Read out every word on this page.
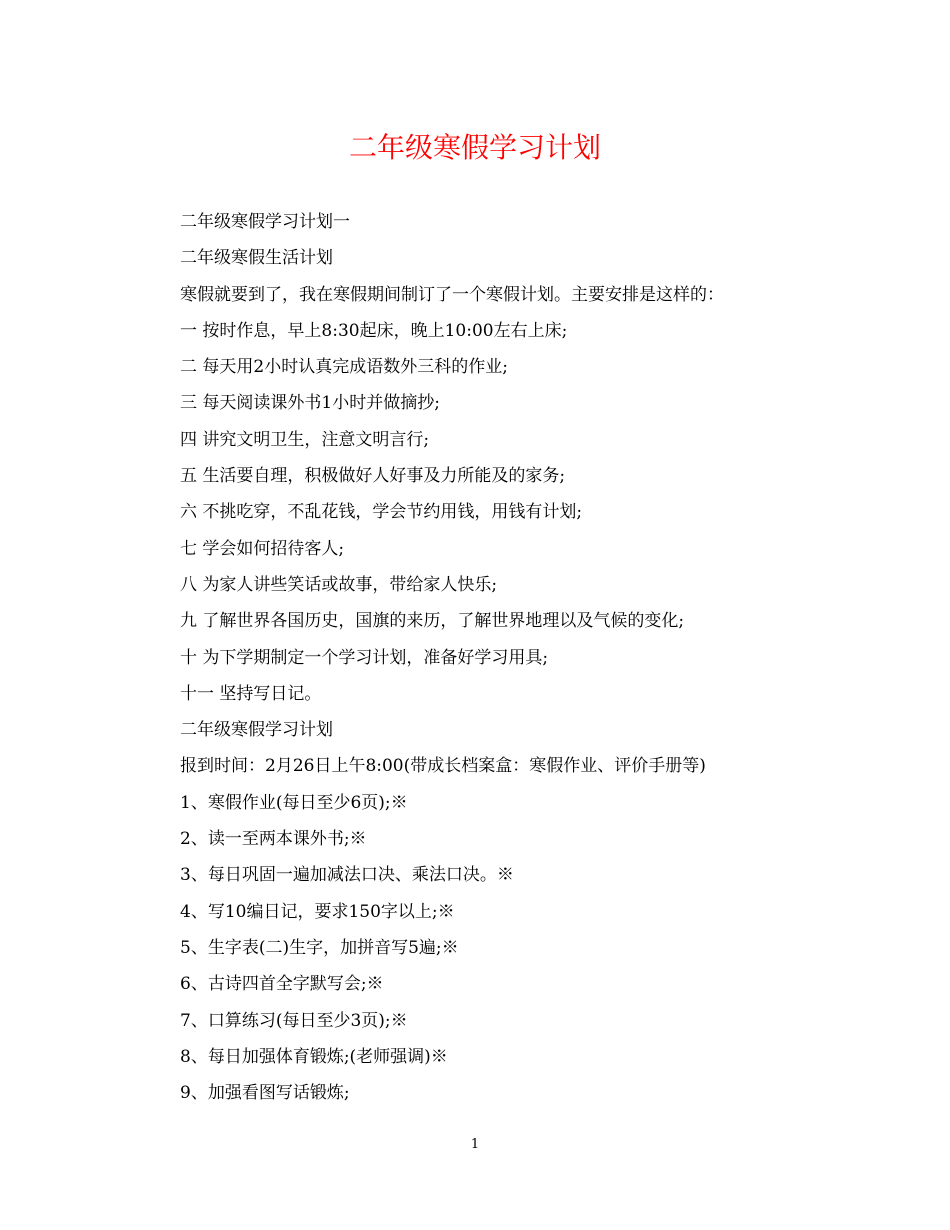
二年级寒假学习计划
二年级寒假学习计划一
二年级寒假生活计划
寒假就要到了，我在寒假期间制订了一个寒假计划。主要安排是这样的：
一 按时作息，早上8:30起床，晚上10:00左右上床;
二 每天用2小时认真完成语数外三科的作业;
三 每天阅读课外书1小时并做摘抄;
四 讲究文明卫生，注意文明言行;
五 生活要自理，积极做好人好事及力所能及的家务;
六 不挑吃穿，不乱花钱，学会节约用钱，用钱有计划;
七 学会如何招待客人;
八 为家人讲些笑话或故事，带给家人快乐;
九 了解世界各国历史，国旗的来历，了解世界地理以及气候的变化;
十 为下学期制定一个学习计划，准备好学习用具;
十一 坚持写日记。
二年级寒假学习计划
报到时间：2月26日上午8:00(带成长档案盒：寒假作业、评价手册等)
1、寒假作业(每日至少6页);※
2、读一至两本课外书;※
3、每日巩固一遍加减法口决、乘法口决。※
4、写10编日记，要求150字以上;※
5、生字表(二)生字，加拼音写5遍;※
6、古诗四首全字默写会;※
7、口算练习(每日至少3页);※
8、每日加强体育锻炼;(老师强调)※
9、加强看图写话锻炼;
1
